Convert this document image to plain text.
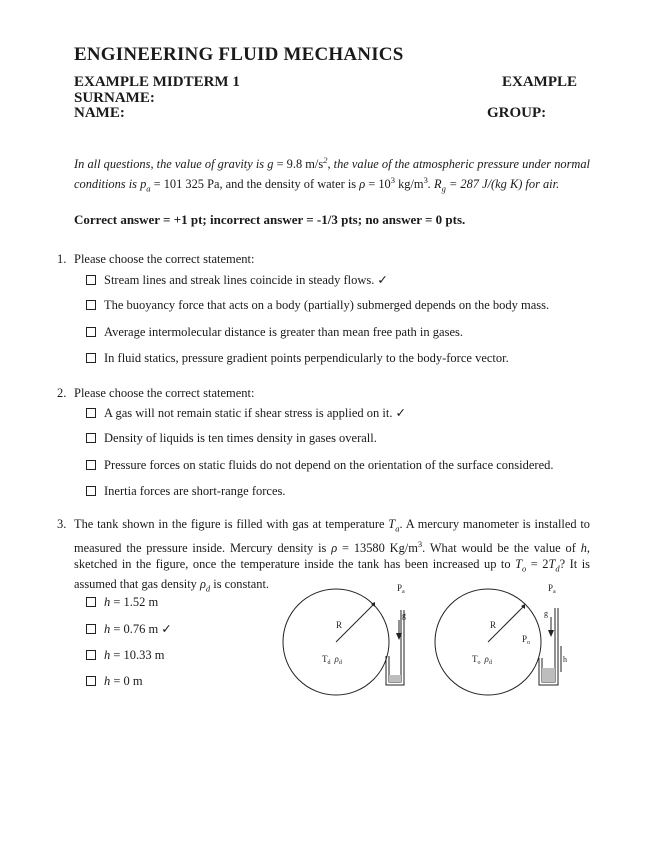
ENGINEERING FLUID MECHANICS
EXAMPLE MIDTERM 1	EXAMPLE
SURNAME:
NAME:	GROUP:
In all questions, the value of gravity is g = 9.8 $m/s^2$, the value of the atmospheric pressure under normal conditions is $p_a = 101$ 325 Pa, and the density of water is $\rho = 10^3$ $kg/m^3$. $R_g = 287$ J/(kg K) for air.
Correct answer = +1 pt; incorrect answer = -1/3 pts; no answer = 0 pts.
1. Please choose the correct statement:
Stream lines and streak lines coincide in steady flows. ✓
The buoyancy force that acts on a body (partially) submerged depends on the body mass.
Average intermolecular distance is greater than mean free path in gases.
In fluid statics, pressure gradient points perpendicularly to the body-force vector.
2. Please choose the correct statement:
A gas will not remain static if shear stress is applied on it. ✓
Density of liquids is ten times density in gases overall.
Pressure forces on static fluids do not depend on the orientation of the surface considered.
Inertia forces are short-range forces.
3. The tank shown in the figure is filled with gas at temperature $T_a$. A mercury manometer is installed to measured the pressure inside. Mercury density is ρ = 13580 $Kg/m^3$. What would be the value of h, sketched in the figure, once the temperature inside the tank has been increased up to $T_o = 2T_d$? It is assumed that gas density $\rho_d$ is constant.
h = 1.52 m
h = 0.76 m ✓
h = 10.33 m
h = 0 m
$P_a$
g
R
$T_d$ $\rho_d$
$P_a$
g
R
$P_o$
h
$T_o$ $\rho_d$
